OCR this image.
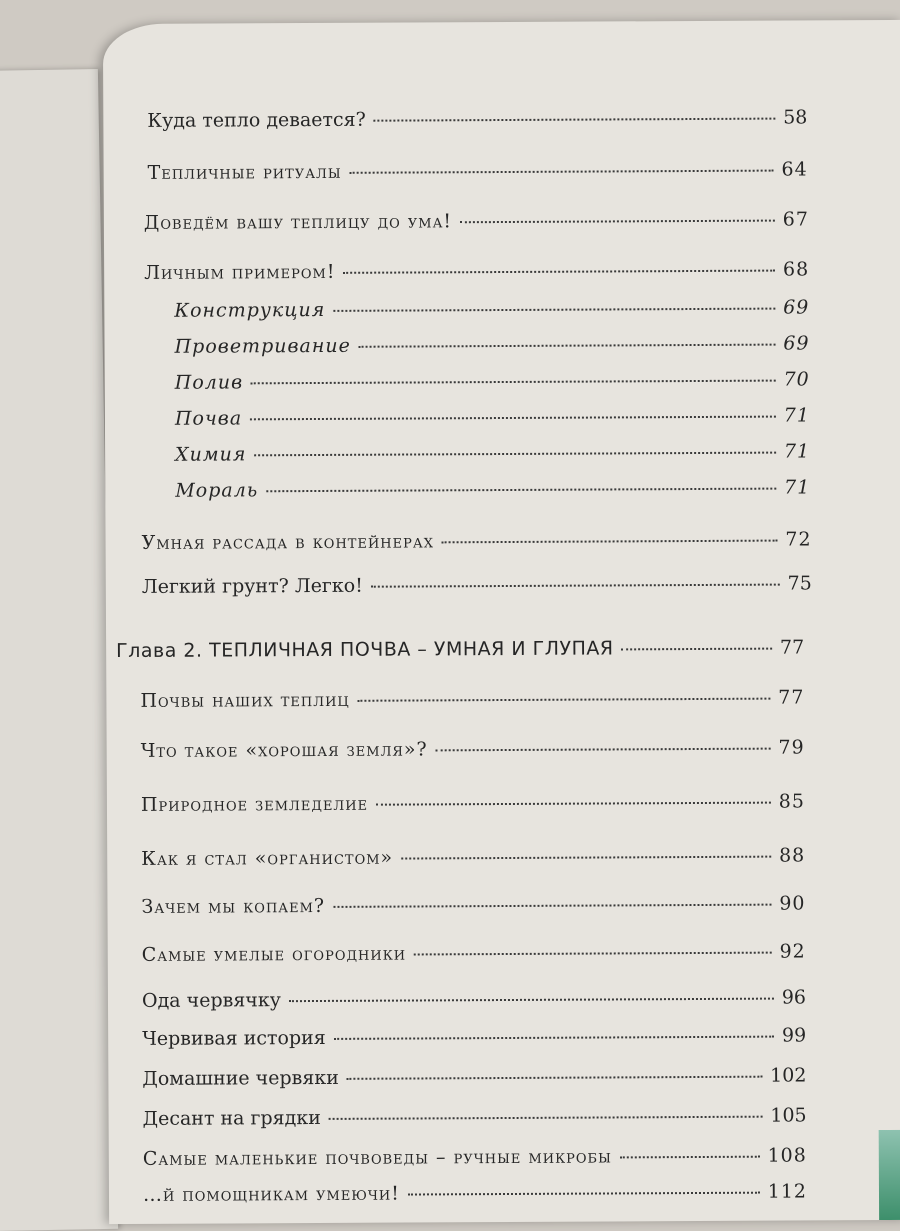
Куда тепло девается?	58
Тепличные ритуалы	64
Доведём вашу теплицу до ума!	67
Личным примером!	68
Конструкция	69
Проветривание	69
Полив	70
Почва	71
Химия	71
Мораль	71
Умная рассада в контейнерах	72
Легкий грунт? Легко!	75
Глава 2. ТЕПЛИЧНАЯ ПОЧВА – УМНАЯ И ГЛУПАЯ	77
Почвы наших теплиц	77
Что такое «хорошая земля»?	79
Природное земледелие	85
Как я стал «органистом»	88
Зачем мы копаем?	90
Самые умелые огородники	92
Ода червячку	96
Червивая история	99
Домашние червяки	102
Десант на грядки	105
Самые маленькие почвоведы – ручные микробы	108
…й помощникам умеючи!	112
